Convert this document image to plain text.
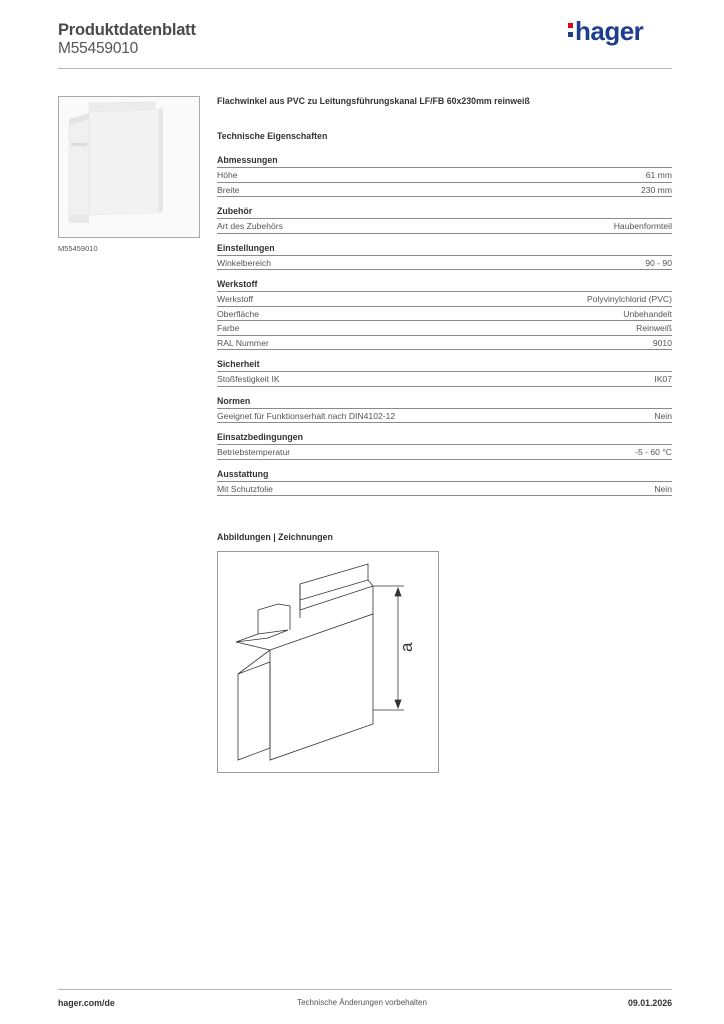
Produktdatenblatt
M55459010
hager
M55459010
Flachwinkel aus PVC zu Leitungsführungskanal LF/FB 60x230mm reinweiß
Technische Eigenschaften
Abmessungen
Höhe	61 mm
Breite	230 mm
Zubehör
Art des Zubehörs	Haubenformteil
Einstellungen
Winkelbereich	90 - 90
Werkstoff
Werkstoff	Polyvinylchlorid (PVC)
Oberfläche	Unbehandelt
Farbe	Reinweiß
RAL Nummer	9010
Sicherheit
Stoßfestigkeit IK	IK07
Normen
Geeignet für Funktionserhalt nach DIN4102-12	Nein
Einsatzbedingungen
Betriebstemperatur	-5 - 60 °C
Ausstattung
Mit Schutzfolie	Nein
Abbildungen | Zeichnungen
a
Technische Änderungen vorbehalten
hager.com/de	09.01.2026
